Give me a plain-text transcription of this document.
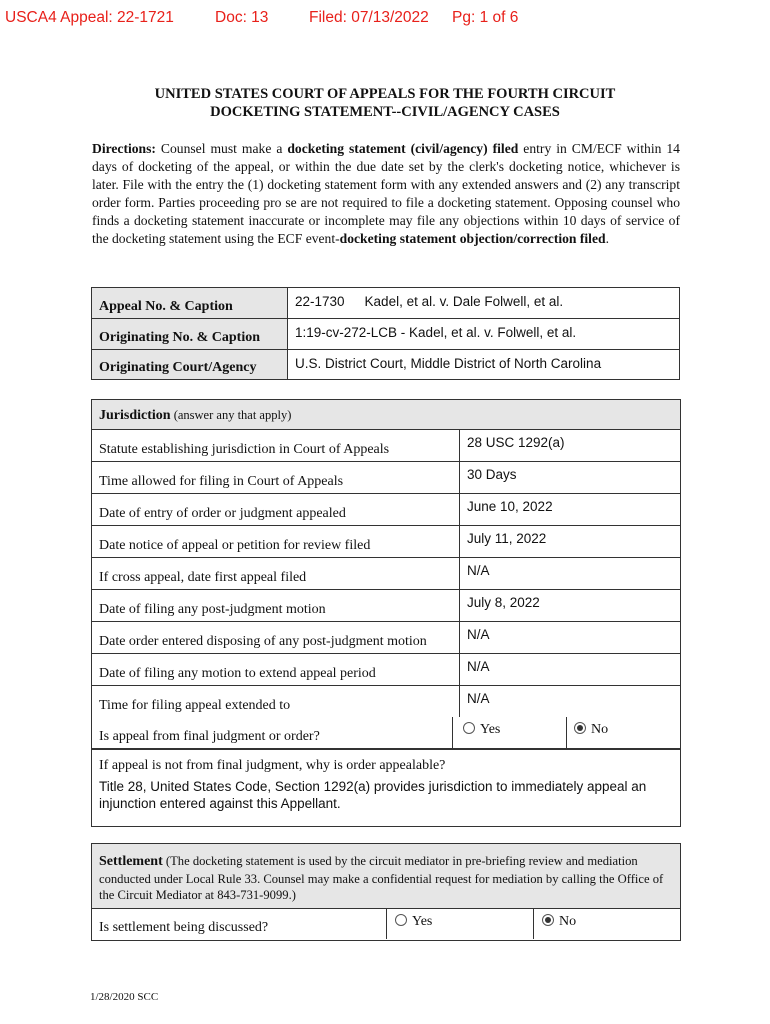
USCA4 Appeal: 22-1721	Doc: 13	Filed: 07/13/2022 Pg: 1 of 6
UNITED STATES COURT OF APPEALS FOR THE FOURTH CIRCUIT
DOCKETING STATEMENT--CIVIL/AGENCY CASES
Directions: Counsel must make a docketing statement (civil/agency) filed entry in CM/ECF within 14 days of docketing of the appeal, or within the due date set by the clerk's docketing notice, whichever is later. File with the entry the (1) docketing statement form with any extended answers and (2) any transcript order form. Parties proceeding pro se are not required to file a docketing statement. Opposing counsel who finds a docketing statement inaccurate or incomplete may file any objections within 10 days of service of the docketing statement using the ECF event-docketing statement objection/correction filed.
Appeal No. & Caption	22-1730 Kadel, et al. v. Dale Folwell, et al.
Originating No. & Caption	1:19-cv-272-LCB - Kadel, et al. v. Folwell, et al.
Originating Court/Agency	U.S. District Court, Middle District of North Carolina
Jurisdiction (answer any that apply)
Statute establishing jurisdiction in Court of Appeals	28 USC 1292(a)
Time allowed for filing in Court of Appeals	30 Days
Date of entry of order or judgment appealed	June 10, 2022
Date notice of appeal or petition for review filed	July 11, 2022
If cross appeal, date first appeal filed	N/A
Date of filing any post-judgment motion	July 8, 2022
Date order entered disposing of any post-judgment motion	N/A
Date of filing any motion to extend appeal period	N/A
Time for filing appeal extended to	N/A
Is appeal from final judgment or order?	Yes	No
If appeal is not from final judgment, why is order appealable?
Title 28, United States Code, Section 1292(a) provides jurisdiction to immediately appeal an injunction entered against this Appellant.
Settlement (The docketing statement is used by the circuit mediator in pre-briefing review and mediation conducted under Local Rule 33. Counsel may make a confidential request for mediation by calling the Office of the Circuit Mediator at 843-731-9099.)
Is settlement being discussed?	Yes	No
1/28/2020 SCC
